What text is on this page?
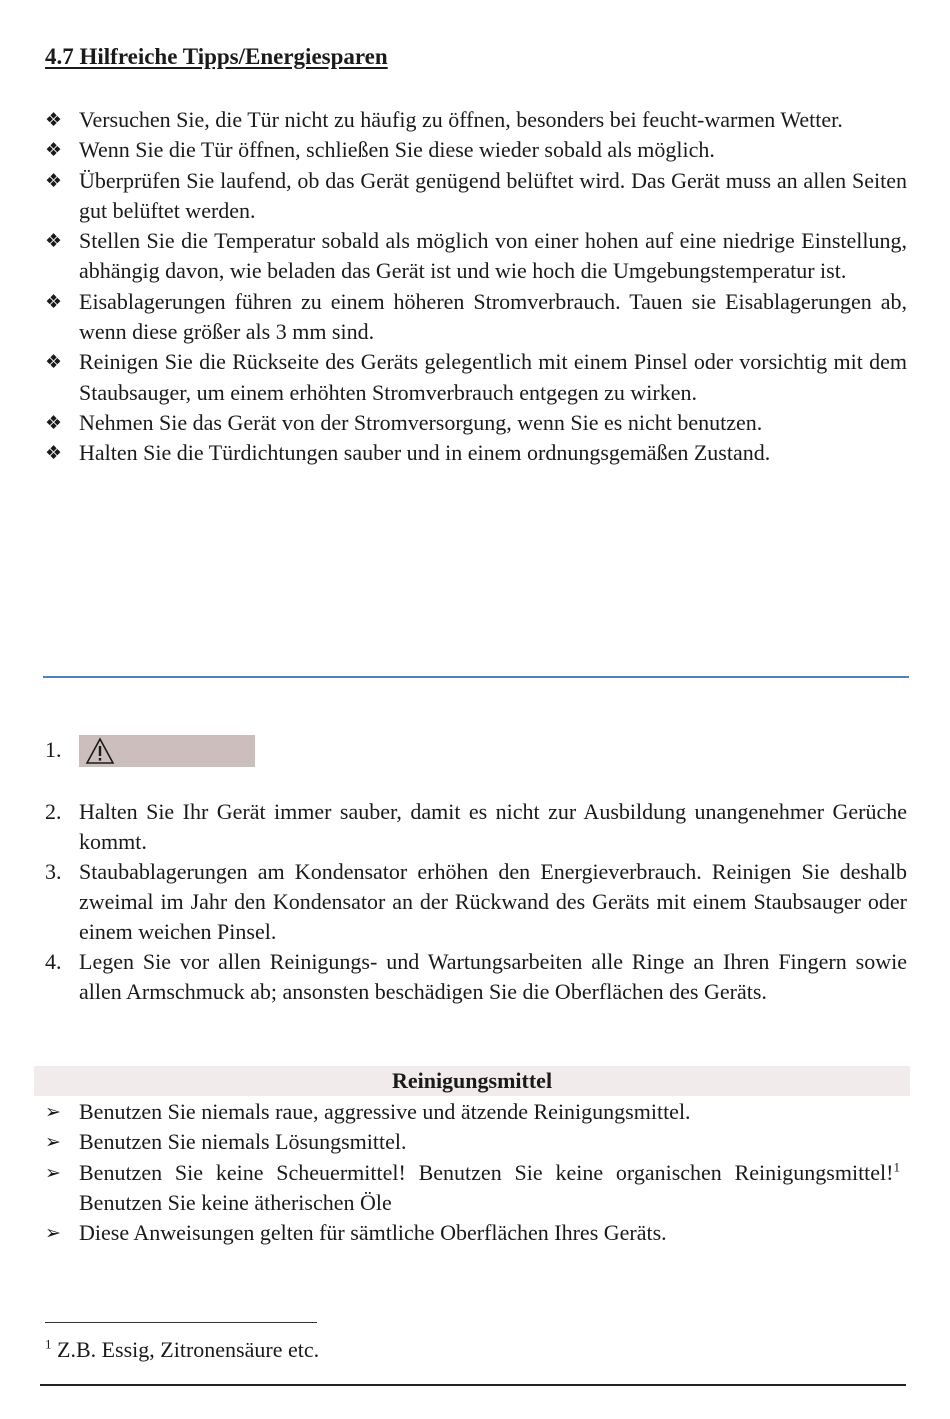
4.7 Hilfreiche Tipps/Energiesparen
❖ Versuchen Sie, die Tür nicht zu häufig zu öffnen, besonders bei feucht-warmen Wetter.
❖ Wenn Sie die Tür öffnen, schließen Sie diese wieder sobald als möglich.
❖ Überprüfen Sie laufend, ob das Gerät genügend belüftet wird. Das Gerät muss an allen Seiten gut belüftet werden.
❖ Stellen Sie die Temperatur sobald als möglich von einer hohen auf eine niedrige Einstellung, abhängig davon, wie beladen das Gerät ist und wie hoch die Umgebungstemperatur ist.
❖ Eisablagerungen führen zu einem höheren Stromverbrauch. Tauen sie Eisablagerungen ab, wenn diese größer als 3 mm sind.
❖ Reinigen Sie die Rückseite des Geräts gelegentlich mit einem Pinsel oder vorsichtig mit dem Staubsauger, um einem erhöhten Stromverbrauch entgegen zu wirken.
❖ Nehmen Sie das Gerät von der Stromversorgung, wenn Sie es nicht benutzen.
❖ Halten Sie die Türdichtungen sauber und in einem ordnungsgemäßen Zustand.
1.
2. Halten Sie Ihr Gerät immer sauber, damit es nicht zur Ausbildung unangenehmer Gerüche kommt.
3. Staubablagerungen am Kondensator erhöhen den Energieverbrauch. Reinigen Sie deshalb zweimal im Jahr den Kondensator an der Rückwand des Geräts mit einem Staubsauger oder einem weichen Pinsel.
4. Legen Sie vor allen Reinigungs- und Wartungsarbeiten alle Ringe an Ihren Fingern sowie allen Armschmuck ab; ansonsten beschädigen Sie die Oberflächen des Geräts.
Reinigungsmittel
➢ Benutzen Sie niemals raue, aggressive und ätzende Reinigungsmittel.
➢ Benutzen Sie niemals Lösungsmittel.
➢ Benutzen Sie keine Scheuermittel! Benutzen Sie keine organischen Reinigungsmittel!$^1$ Benutzen Sie keine ätherischen Öle
➢ Diese Anweisungen gelten für sämtliche Oberflächen Ihres Geräts.

$^1$ Z.B. Essig, Zitronensäure etc.
